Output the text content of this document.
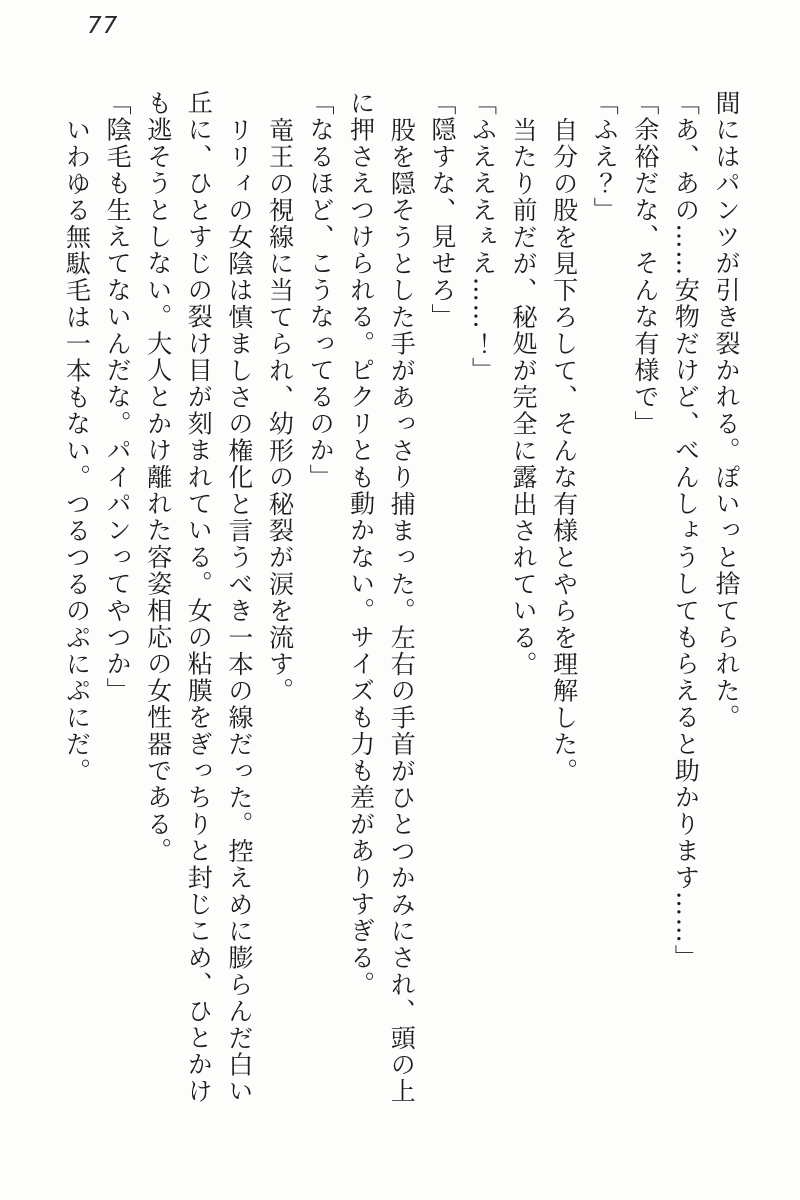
77
間にはパンツが引き裂かれる。ぽいっと捨てられた。
「あ、あの……安物だけど、べんしょうしてもらえると助かります……」
「余裕だな、そんな有様で」
「ふえ？」
自分の股を見下ろして、そんな有様とやらを理解した。
当たり前だが、秘処が完全に露出されている。
「ふえええぇえ……！」
「隠すな、見せろ」
股を隠そうとした手があっさり捕まった。左右の手首がひとつかみにされ、頭の上
に押さえつけられる。ピクリとも動かない。サイズも力も差がありすぎる。
「なるほど、こうなってるのか」
竜王の視線に当てられ、幼形の秘裂が涙を流す。
リリィの女陰は慎ましさの権化と言うべき一本の線だった。控えめに膨らんだ白い
丘に、ひとすじの裂け目が刻まれている。女の粘膜をぎっちりと封じこめ、ひとかけ
も逃そうとしない。大人とかけ離れた容姿相応の女性器である。
「陰毛も生えてないんだな。パイパンってやつか」
いわゆる無駄毛は一本もない。つるつるのぷにぷにだ。
